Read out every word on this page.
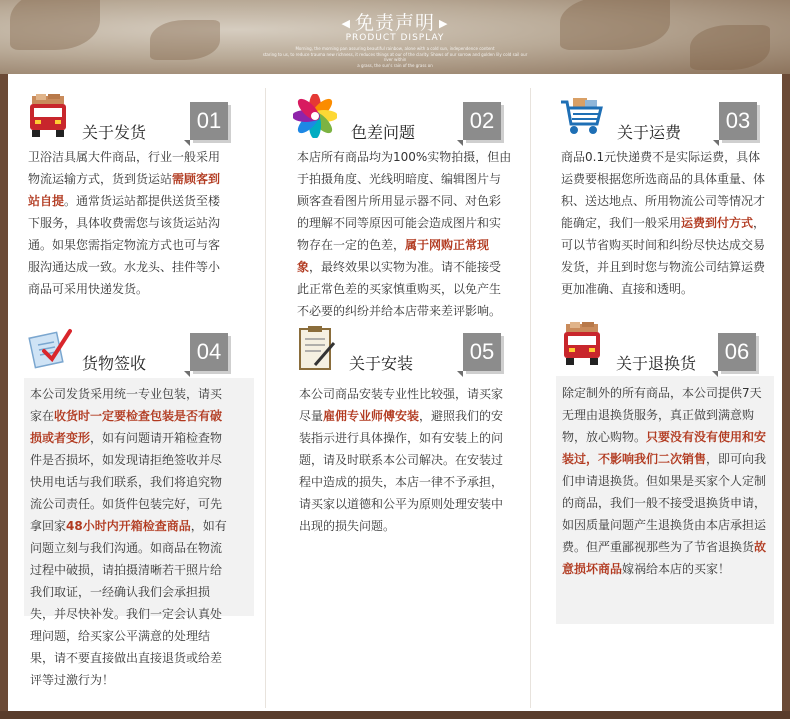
◀ 免责声明 ▶
PRODUCT DISPLAY
Morning, the morning pan assuring beautiful rainbow, alone with a cold sun, independence content
staring to us, to reduce trauma new richness, it reduces things at our of the clarity. Shows of our sorrow and golden lily cold sail our river within
a grass, the sun's rain of the grass on
关于发货	01
卫浴洁具属大件商品，行业一般采用物流运输方式，货到货运站需顾客到站自提。通常货运站都提供送货至楼下服务，具体收费需您与该货运站沟通。如果您需指定物流方式也可与客服沟通达成一致。水龙头、挂件等小商品可采用快递发货。
色差问题	02
本店所有商品均为100%实物拍摄，但由于拍摄角度、光线明暗度、编辑图片与顾客查看图片所用显示器不同、对色彩的理解不同等原因可能会造成图片和实物存在一定的色差，属于网购正常现象，最终效果以实物为准。请不能接受此正常色差的买家慎重购买，以免产生不必要的纠纷并给本店带来差评影响。
关于运费	03
商品0.1元快递费不是实际运费，具体运费要根据您所选商品的具体重量、体积、送达地点、所用物流公司等情况才能确定，我们一般采用运费到付方式，可以节省购买时间和纠纷尽快达成交易发货，并且到时您与物流公司结算运费更加准确、直接和透明。
货物签收	04
本公司发货采用统一专业包装，请买家在收货时一定要检查包装是否有破损或者变形，如有问题请开箱检查物件是否损坏，如发现请拒绝签收并尽快用电话与我们联系，我们将追究物流公司责任。如货件包装完好，可先拿回家48小时内开箱检查商品，如有问题立刻与我们沟通。如商品在物流过程中破损，请拍摄清晰若干照片给我们取证，一经确认我们会承担损失，并尽快补发。我们一定会认真处理问题，给买家公平满意的处理结果，请不要直接做出直接退货或给差评等过激行为！
关于安装	05
本公司商品安装专业性比较强，请买家尽量雇佣专业师傅安装，避照我们的安装指示进行具体操作，如有安装上的问题，请及时联系本公司解决。在安装过程中造成的损失，本店一律不予承担，请买家以道德和公平为原则处理安装中出现的损失问题。
关于退换货	06
除定制外的所有商品，本公司提供7天无理由退换货服务，真正做到满意购物，放心购物。只要没有没有使用和安装过，不影响我们二次销售，即可向我们申请退换货。但如果是买家个人定制的商品，我们一般不接受退换货申请，如因质量问题产生退换货由本店承担运费。但严重鄙视那些为了节省退换货故意损坏商品嫁祸给本店的买家！
